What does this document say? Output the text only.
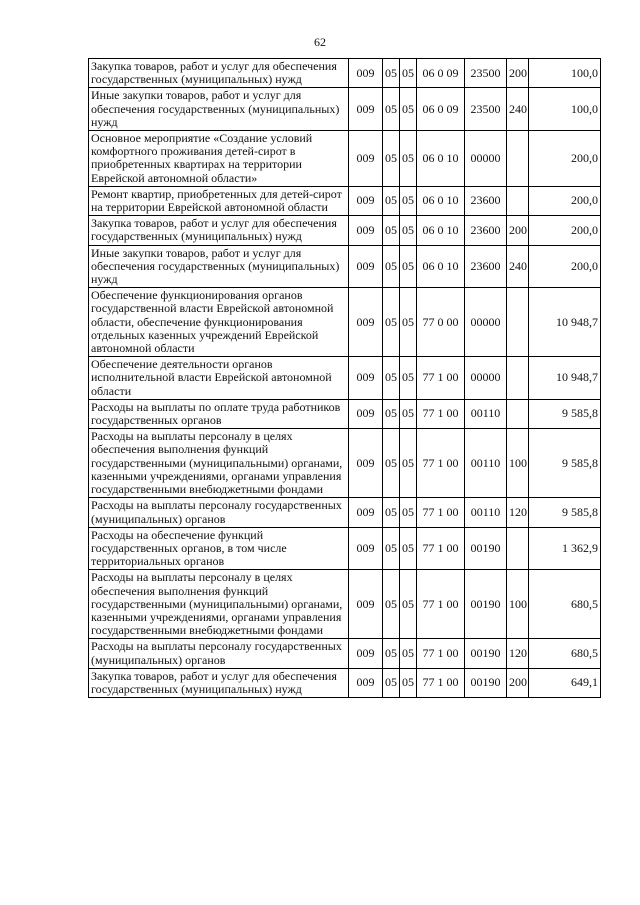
62
Закупка товаров, работ и услуг для обеспечения государственных (муниципальных) нужд	009	05	05	06 0 09	23500	200	100,0
Иные закупки товаров, работ и услуг для обеспечения государственных (муниципальных) нужд	009	05	05	06 0 09	23500	240	100,0
Основное мероприятие «Создание условий комфортного проживания детей-сирот в приобретенных квартирах на территории Еврейской автономной области»	009	05	05	06 0 10	00000		200,0
Ремонт квартир, приобретенных для детей-сирот на территории Еврейской автономной области	009	05	05	06 0 10	23600		200,0
Закупка товаров, работ и услуг для обеспечения государственных (муниципальных) нужд	009	05	05	06 0 10	23600	200	200,0
Иные закупки товаров, работ и услуг для обеспечения государственных (муниципальных) нужд	009	05	05	06 0 10	23600	240	200,0
Обеспечение функционирования органов государственной власти Еврейской автономной области, обеспечение функционирования отдельных казенных учреждений Еврейской автономной области	009	05	05	77 0 00	00000		10 948,7
Обеспечение деятельности органов исполнительной власти Еврейской автономной области	009	05	05	77 1 00	00000		10 948,7
Расходы на выплаты по оплате труда работников государственных органов	009	05	05	77 1 00	00110		9 585,8
Расходы на выплаты персоналу в целях обеспечения выполнения функций государственными (муниципальными) органами, казенными учреждениями, органами управления государственными внебюджетными фондами	009	05	05	77 1 00	00110	100	9 585,8
Расходы на выплаты персоналу государственных (муниципальных) органов	009	05	05	77 1 00	00110	120	9 585,8
Расходы на обеспечение функций государственных органов, в том числе территориальных органов	009	05	05	77 1 00	00190		1 362,9
Расходы на выплаты персоналу в целях обеспечения выполнения функций государственными (муниципальными) органами, казенными учреждениями, органами управления государственными внебюджетными фондами	009	05	05	77 1 00	00190	100	680,5
Расходы на выплаты персоналу государственных (муниципальных) органов	009	05	05	77 1 00	00190	120	680,5
Закупка товаров, работ и услуг для обеспечения государственных (муниципальных) нужд	009	05	05	77 1 00	00190	200	649,1
